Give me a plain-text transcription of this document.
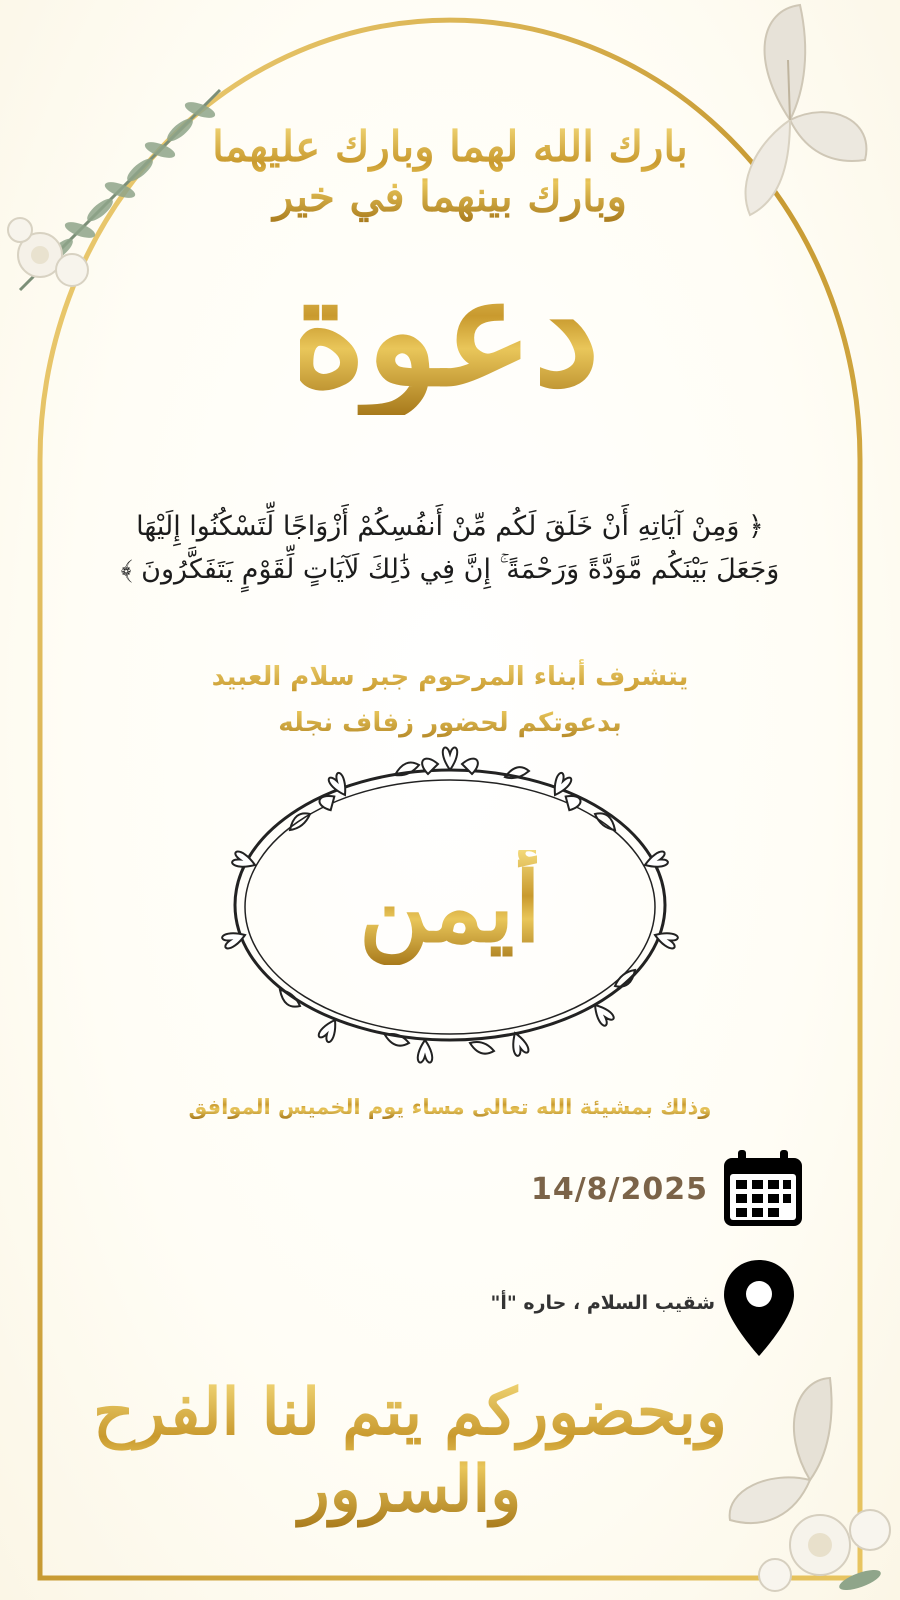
بارك الله لهما وبارك عليهما وبارك بينهما في خير
دعوة
﴿ وَمِنْ آيَاتِهِ أَنْ خَلَقَ لَكُم مِّنْ أَنفُسِكُمْ أَزْوَاجًا لِّتَسْكُنُوا إِلَيْهَا
وَجَعَلَ بَيْنَكُم مَّوَدَّةً وَرَحْمَةً ۚ إِنَّ فِي ذَٰلِكَ لَآيَاتٍ لِّقَوْمٍ يَتَفَكَّرُونَ ﴾
يتشرف أبناء المرحوم جبر سلام العبيد
بدعوتكم لحضور زفاف نجله
أيمن
وذلك بمشيئة الله تعالى مساء يوم الخميس الموافق
14/8/2025
شقيب السلام ، حاره "أ"
وبحضوركم يتم لنا الفرح والسرور
